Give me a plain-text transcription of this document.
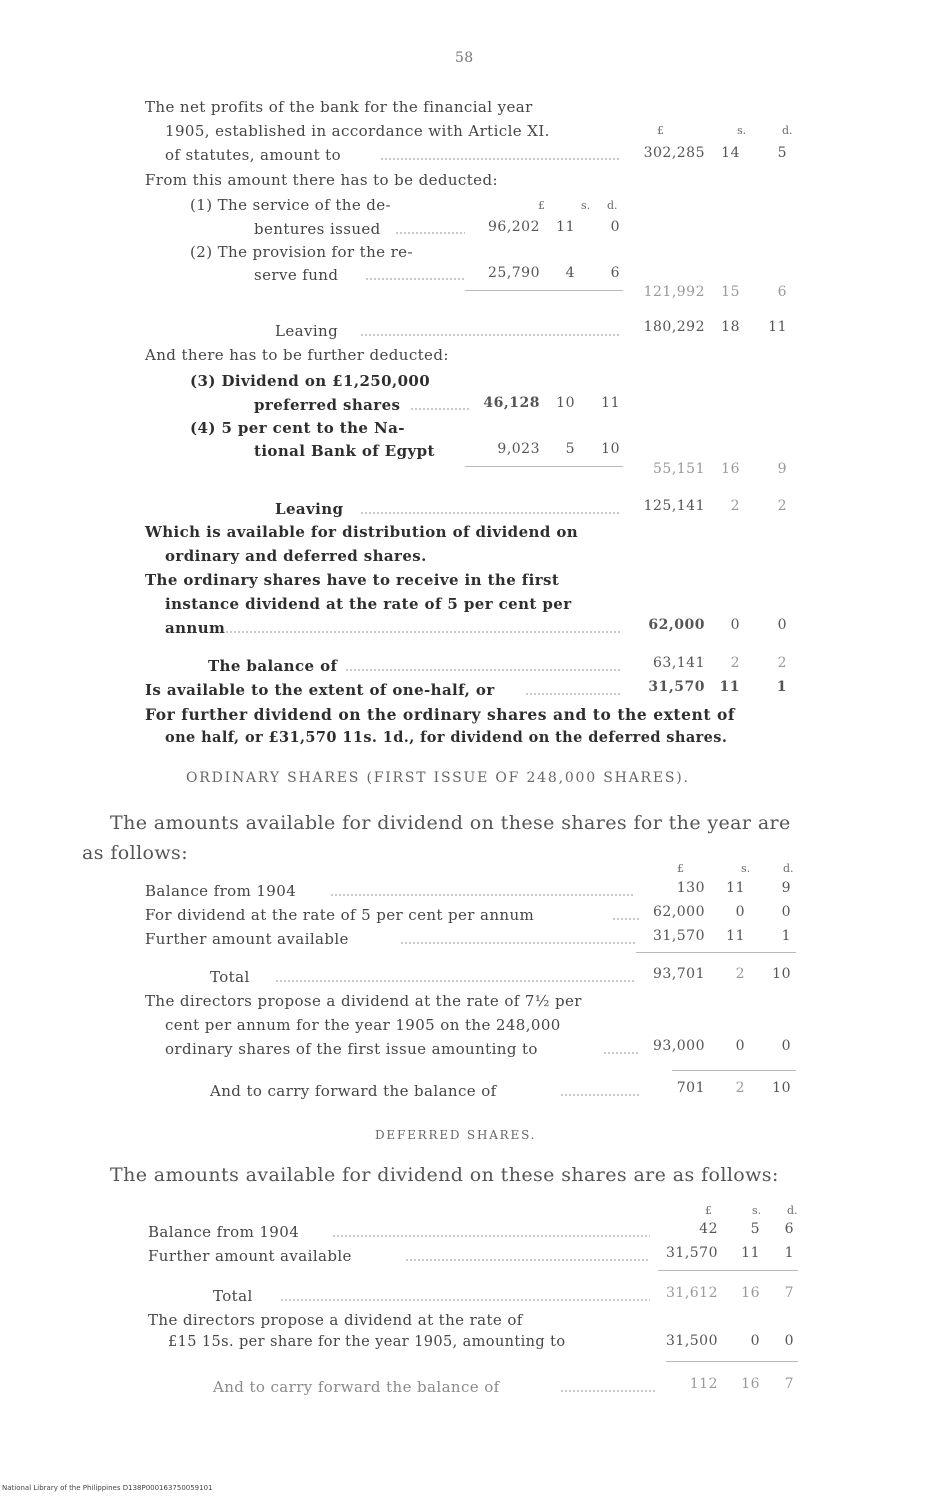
58
The net profits of the bank for the financial year
1905, established in accordance with Article XI.	£	s.	d.
of statutes, amount to	302,285	14	5
From this amount there has to be deducted:
(1) The service of the de-	£	s. d.
bentures issued	96,202 11	0
(2) The provision for the re-
serve fund	25,790	4	6
121,992	15	6
Leaving	180,292	18	11
And there has to be further deducted:
(3) Dividend on £1,250,000
preferred shares	46,128 10 11
(4) 5 per cent to the Na-
tional Bank of Egypt	9,023	5 10
55,151	16	9
Leaving	125,141	2	2
Which is available for distribution of dividend on
ordinary and deferred shares.
The ordinary shares have to receive in the first
instance dividend at the rate of 5 per cent per
annum	62,000	0	0
The balance of	63,141	2	2
Is available to the extent of one-half, or	31,570	11	1
For further dividend on the ordinary shares and to the extent of
one half, or £31,570 11s. 1d., for dividend on the deferred shares.
ORDINARY SHARES (FIRST ISSUE OF 248,000 SHARES).
The amounts available for dividend on these shares for the year are
as follows:
£	s.	d.
Balance from 1904	130	11	9
For dividend at the rate of 5 per cent per annum	62,000	0	0
Further amount available	31,570	11	1
Total	93,701	2	10
The directors propose a dividend at the rate of 7½ per
cent per annum for the year 1905 on the 248,000
ordinary shares of the first issue amounting to	93,000	0	0
And to carry forward the balance of	701	2	10
DEFERRED SHARES.
The amounts available for dividend on these shares are as follows:
£	s. d.
Balance from 1904	42	5	6
Further amount available	31,570 11	1
Total	31,612 16	7
The directors propose a dividend at the rate of
£15 15s. per share for the year 1905, amounting to	31,500	0	0
And to carry forward the balance of	112 16	7
National Library of the Philippines D138P000163750059101
